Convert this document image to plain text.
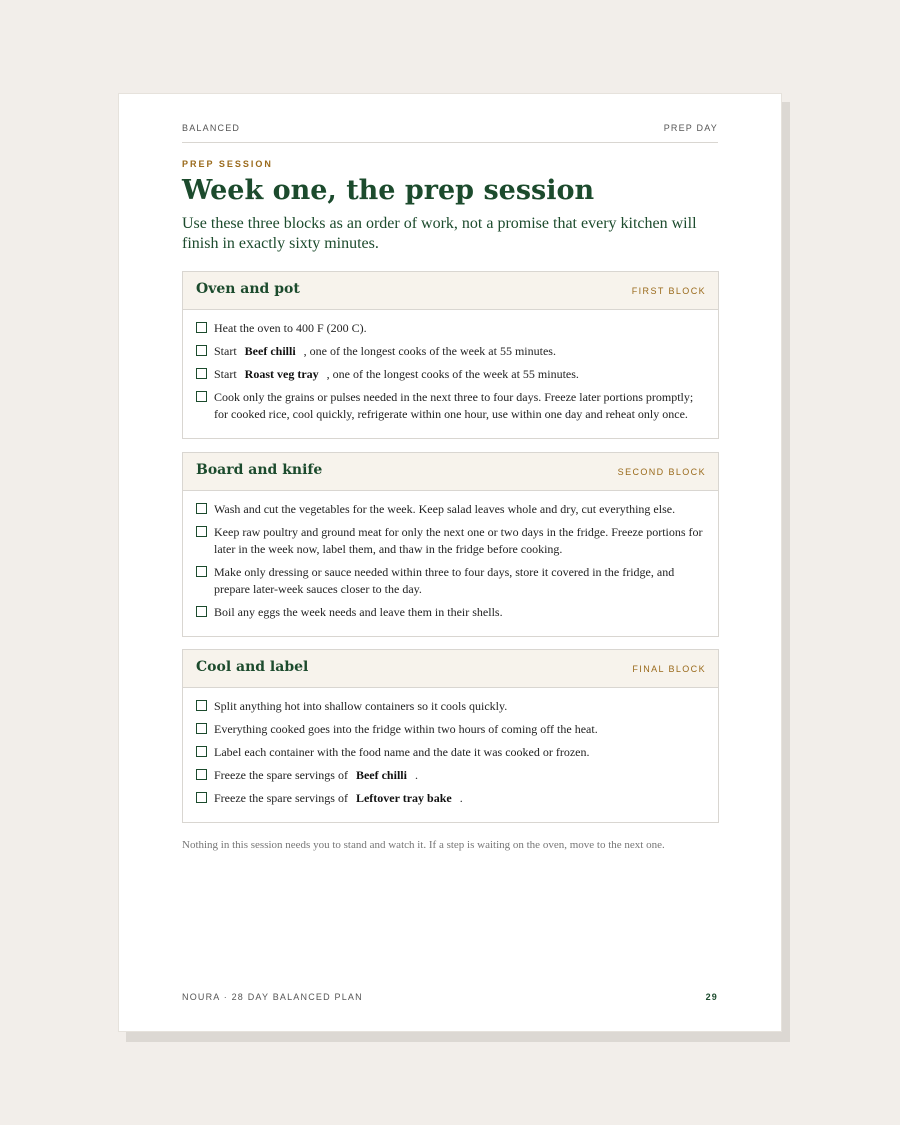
BALANCED	PREP DAY
PREP SESSION
Week one, the prep session

Use these three blocks as an order of work, not a promise that every kitchen will finish in exactly sixty minutes.

Oven and pot	FIRST BLOCK
Heat the oven to 400 F (200 C).
Start Beef chilli , one of the longest cooks of the week at 55 minutes.
Start Roast veg tray , one of the longest cooks of the week at 55 minutes.
Cook only the grains or pulses needed in the next three to four days. Freeze later portions promptly; for cooked rice, cool quickly, refrigerate within one hour, use within one day and reheat only once.
Board and knife	SECOND BLOCK
Wash and cut the vegetables for the week. Keep salad leaves whole and dry, cut everything else.
Keep raw poultry and ground meat for only the next one or two days in the fridge. Freeze portions for later in the week now, label them, and thaw in the fridge before cooking.
Make only dressing or sauce needed within three to four days, store it covered in the fridge, and prepare later-week sauces closer to the day.
Boil any eggs the week needs and leave them in their shells.
Cool and label	FINAL BLOCK
Split anything hot into shallow containers so it cools quickly.
Everything cooked goes into the fridge within two hours of coming off the heat.
Label each container with the food name and the date it was cooked or frozen.
Freeze the spare servings of Beef chilli .
Freeze the spare servings of Leftover tray bake .
Nothing in this session needs you to stand and watch it. If a step is waiting on the oven, move to the next one.
NOURA · 28 DAY BALANCED PLAN	29
